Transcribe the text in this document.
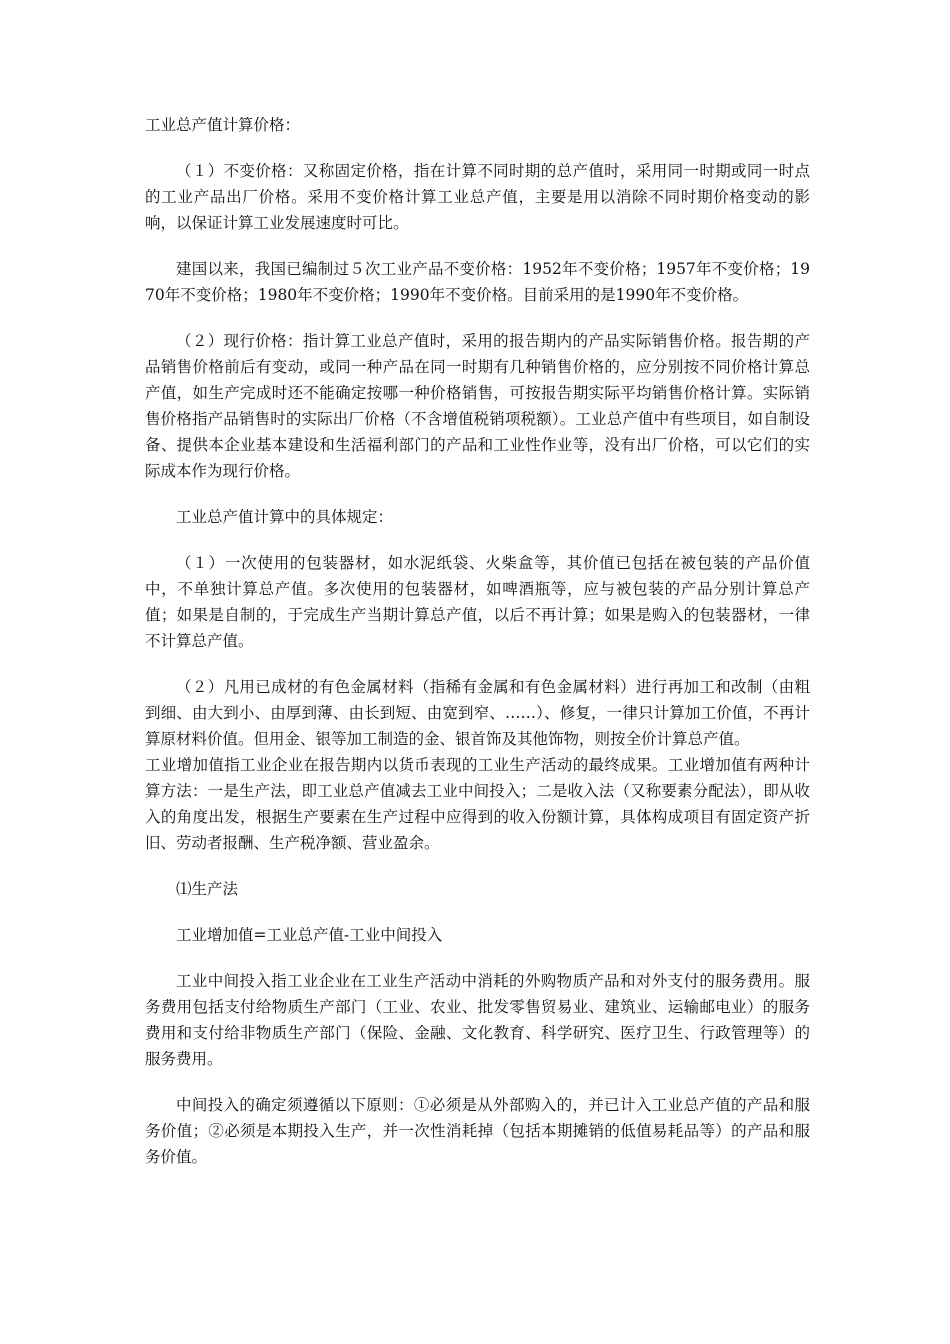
工业总产值计算价格：

（１）不变价格：又称固定价格，指在计算不同时期的总产值时，采用同一时期或同一时点的工业产品出厂价格。采用不变价格计算工业总产值，主要是用以消除不同时期价格变动的影响，以保证计算工业发展速度时可比。

建国以来，我国已编制过５次工业产品不变价格：1952年不变价格；1957年不变价格；1970年不变价格；1980年不变价格；1990年不变价格。目前采用的是1990年不变价格。

（２）现行价格：指计算工业总产值时，采用的报告期内的产品实际销售价格。报告期的产品销售价格前后有变动，或同一种产品在同一时期有几种销售价格的，应分别按不同价格计算总产值，如生产完成时还不能确定按哪一种价格销售，可按报告期实际平均销售价格计算。实际销售价格指产品销售时的实际出厂价格（不含增值税销项税额）。工业总产值中有些项目，如自制设备、提供本企业基本建设和生活福利部门的产品和工业性作业等，没有出厂价格，可以它们的实际成本作为现行价格。

工业总产值计算中的具体规定：

（１）一次使用的包装器材，如水泥纸袋、火柴盒等，其价值已包括在被包装的产品价值中，不单独计算总产值。多次使用的包装器材，如啤酒瓶等，应与被包装的产品分别计算总产值；如果是自制的，于完成生产当期计算总产值，以后不再计算；如果是购入的包装器材，一律不计算总产值。

（２）凡用已成材的有色金属材料（指稀有金属和有色金属材料）进行再加工和改制（由粗到细、由大到小、由厚到薄、由长到短、由宽到窄、……）、修复，一律只计算加工价值，不再计算原材料价值。但用金、银等加工制造的金、银首饰及其他饰物，则按全价计算总产值。

工业增加值指工业企业在报告期内以货币表现的工业生产活动的最终成果。工业增加值有两种计算方法：一是生产法，即工业总产值减去工业中间投入；二是收入法（又称要素分配法），即从收入的角度出发，根据生产要素在生产过程中应得到的收入份额计算，具体构成项目有固定资产折旧、劳动者报酬、生产税净额、营业盈余。

⑴生产法

工业增加值=工业总产值-工业中间投入

工业中间投入指工业企业在工业生产活动中消耗的外购物质产品和对外支付的服务费用。服务费用包括支付给物质生产部门（工业、农业、批发零售贸易业、建筑业、运输邮电业）的服务费用和支付给非物质生产部门（保险、金融、文化教育、科学研究、医疗卫生、行政管理等）的服务费用。

中间投入的确定须遵循以下原则：①必须是从外部购入的，并已计入工业总产值的产品和服务价值；②必须是本期投入生产，并一次性消耗掉（包括本期摊销的低值易耗品等）的产品和服务价值。
